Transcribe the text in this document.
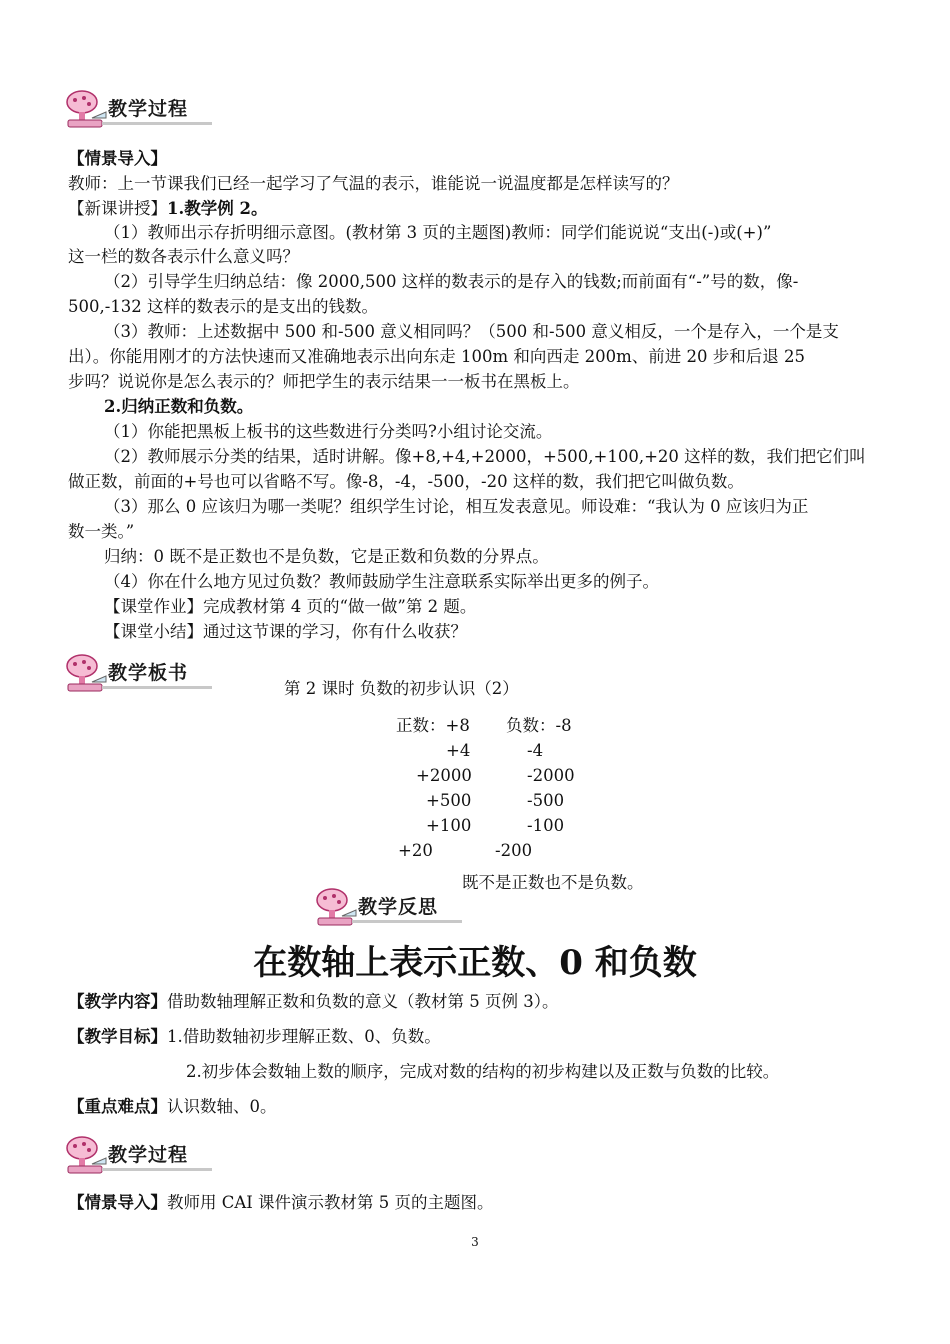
教学过程
【情景导入】
教师：上一节课我们已经一起学习了气温的表示，谁能说一说温度都是怎样读写的？
【新课讲授】1.教学例 2。
（1）教师出示存折明细示意图。(教材第 3 页的主题图)教师：同学们能说说“支出(-)或(+)”
这一栏的数各表示什么意义吗？
（2）引导学生归纳总结：像 2000,500 这样的数表示的是存入的钱数;而前面有“-”号的数，像-
500,-132 这样的数表示的是支出的钱数。
（3）教师：上述数据中 500 和-500 意义相同吗？（500 和-500 意义相反，一个是存入，一个是支
出）。你能用刚才的方法快速而又准确地表示出向东走 100m 和向西走 200m、前进 20 步和后退 25
步吗？说说你是怎么表示的？师把学生的表示结果一一板书在黑板上。
2.归纳正数和负数。
（1）你能把黑板上板书的这些数进行分类吗?小组讨论交流。
（2）教师展示分类的结果，适时讲解。像+8,+4,+2000，+500,+100,+20 这样的数，我们把它们叫
做正数，前面的+号也可以省略不写。像-8，-4，-500，-20 这样的数，我们把它叫做负数。
（3）那么 0 应该归为哪一类呢？组织学生讨论，相互发表意见。师设难：“我认为 0 应该归为正
数一类。”
归纳：0 既不是正数也不是负数，它是正数和负数的分界点。
（4）你在什么地方见过负数？教师鼓励学生注意联系实际举出更多的例子。
【课堂作业】完成教材第 4 页的“做一做”第 2 题。
【课堂小结】通过这节课的学习，你有什么收获？
教学板书
第 2 课时 负数的初步认识（2）
正数：+8 负数：-8
+4	-4
+2000	-2000
+500	-500
+100	-100
+20	-200
既不是正数也不是负数。
教学反思
在数轴上表示正数、0 和负数
【教学内容】借助数轴理解正数和负数的意义（教材第 5 页例 3）。
【教学目标】1.借助数轴初步理解正数、0、负数。
2.初步体会数轴上数的顺序，完成对数的结构的初步构建以及正数与负数的比较。
【重点难点】认识数轴、0。
教学过程
【情景导入】教师用 CAI 课件演示教材第 5 页的主题图。
3
